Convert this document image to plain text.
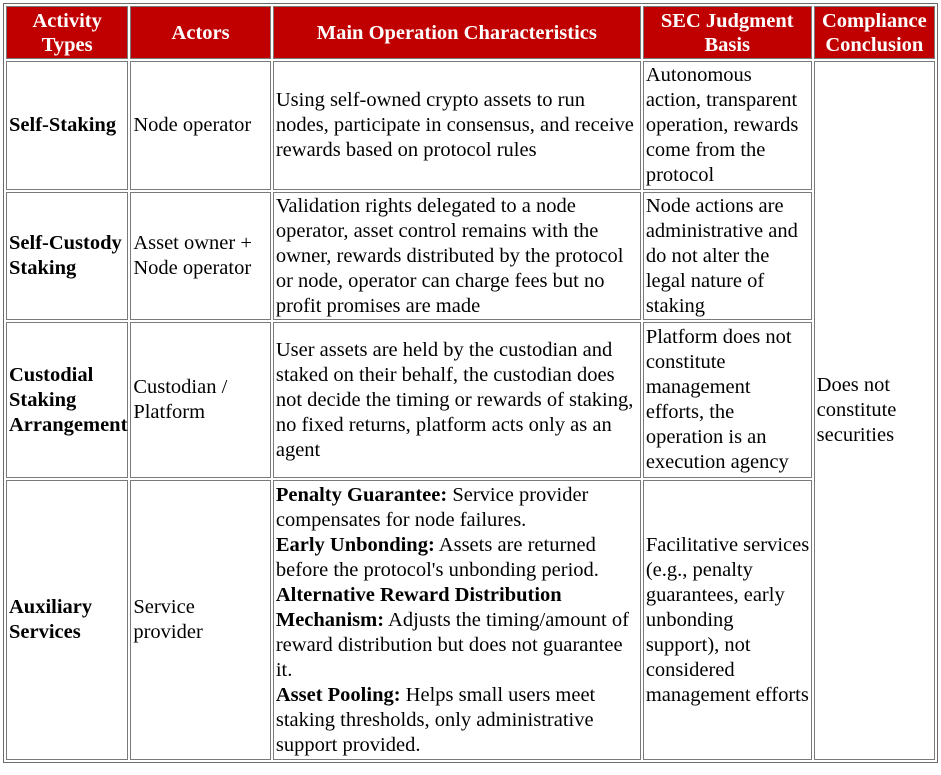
Activity Types	Actors	Main Operation Characteristics	SEC Judgment Basis	Compliance Conclusion
Self-Staking	Node operator	Using self-owned crypto assets to run nodes, participate in consensus, and receive rewards based on protocol rules	Autonomous action, transparent operation, rewards come from the protocol	Does not constitute securities
Self-Custody Staking	Asset owner + Node operator	Validation rights delegated to a node operator, asset control remains with the owner, rewards distributed by the protocol or node, operator can charge fees but no profit promises are made	Node actions are administrative and do not alter the legal nature of staking	
Custodial Staking Arrangement	Custodian / Platform	User assets are held by the custodian and staked on their behalf, the custodian does not decide the timing or rewards of staking, no fixed returns, platform acts only as an agent	Platform does not constitute management efforts, the operation is an execution agency	
Auxiliary Services	Service provider	Penalty Guarantee: Service provider compensates for node failures.
Early Unbonding: Assets are returned before the protocol's unbonding period.
Alternative Reward Distribution Mechanism: Adjusts the timing/amount of reward distribution but does not guarantee it.
Asset Pooling: Helps small users meet staking thresholds, only administrative support provided.	Facilitative services (e.g., penalty guarantees, early unbonding support), not considered management efforts	
